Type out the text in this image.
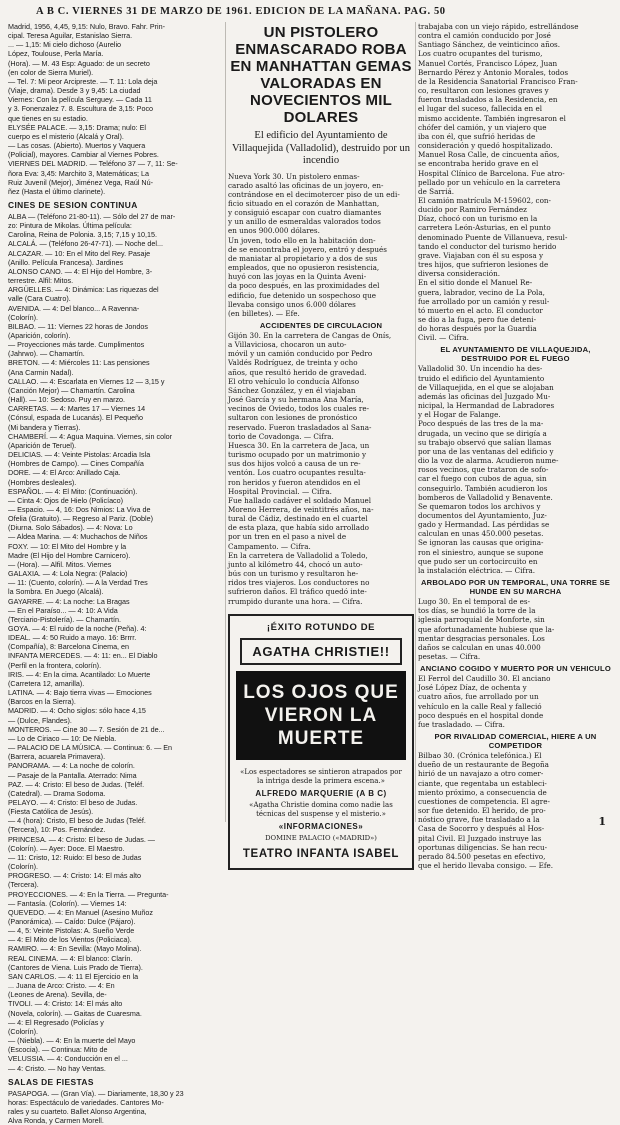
A B C. VIERNES 31 DE MARZO DE 1961. EDICION DE LA MAÑANA. PAG. 50
Madrid, 1956, 4,45, 9,15: Nulo, Bravo. Fahr. Prin-
cipal. Teresa Aguilar, Estanislao Sierra.
... — 1,15: Mi cielo dichoso (Aurelio
López, Toulouse, Perla María.
(Hora). — M. 43 Esp: Aguado: de un secreto
(en color de Sierra Muriel).
— Tel. 7: Mi peor Arcipreste. — T. 11: Lola deja
(Viaje, drama). Desde 3 y 9,45: La ciudad
Viernes: Con la película Serguey. — Cada 11
y 3. Fonenzalez 7. 8. Escultura de 3,15: Poco
que tienes en su estadio.
ELYSÉE PALACE. — 3,15: Drama; nulo: El
cuerpo es el misterio (Alcalá y Oral).
— Las cosas. (Abierto). Muertos y Vaquera
(Policial), mayores. Cambiar al Viernes Pobres.
VIERNES DEL MADRID. — Teléfono 37 — 7, 11: Se-
ñora Eva: 3,45: Marchito 3, Matemáticas; La
Ruiz Juvenil (Mejor), Jiménez Vega, Raúl Nú-
ñez (Hasta el último clarinete).
CINES DE SESION CONTINUA
ALBA — (Teléfono 21-80-11). — Sólo del 27 de mar-
zo: Pintura de Mikolas. Última película:
Carolina, Reina de Polonia. 3,15; 7,15 y 10,15.
ALCALÁ. — (Teléfono 26-47-71). — Noche del...
ALCAZAR. — 10: En el Mito del Rey. Pasaje
(Anillo. Película Francesa). Jardines
ALONSO CANO. — 4: El Hijo del Hombre, 3-
terrestre. Alfil: Mitos.
ARGÜELLES. — 4: Dinámica: Las riquezas del
valle (Cara Cuatro).
AVENIDA. — 4: Del blanco... A Ravenna-
(Colorín).
BILBAO. — 11: Viernes 22 horas de Jondos
(Aparición, colorín).
— Proyecciones más tarde. Cumplimentos
(Jahrwo). — Chamartín.
BRETON. — 4: Miércoles 11: Las pensiones
(Ana Carmin Nadal).
CALLAO. — 4: Escarlata en Viernes 12 — 3,15 y
(Canción Mejor) — Chamartín. Carolina
(Hall). — 10: Sedoso. Puy en marzo.
CARRETAS. — 4: Martes 17 — Viernes 14
(Cónsul, espada de Lucanás). El Pequeño
(Mi bandera y Tierras).
CHAMBERÍ. — 4: Agua Maquina. Viernes, sin color
(Aparición de Teruel).
DELICIAS. — 4: Veinte Pistolas: Arcadia Isla
(Hombres de Campo). — Cines Compañía
DORE. — 4: El Arco: Anillado Caja.
(Hombres desleales).
ESPAÑOL. — 4: El Mito: (Continuación).
— Cinta 4: Ojos de Hielo (Policíaco)
— Espacio. — 4, 16: Dos Nimios: La Viva de
Ofelia (Gratuito). — Regreso al Pariz. (Doble)
(Diurna. Solo Sábados). — 4: Nova: Lo
— Aldea Marina. — 4: Muchachos de Niños
FOXY. — 10: El Mito del Hombre y la
Madre (El Hijo del Hombre Carnicero).
— (Hora). — Alfil. Mitos. Viernes
GALAXIA. — 4: Lola Negra: (Palacio)
— 11: (Cuento, colorín). — A la Verdad Tres
la Sombra. En Juego (Alcalá).
GAYARRE. — 4: La noche: La Bragas
— En el Paraíso... — 4: 10: A Vida
(Terciario-Pistolería). — Chamartín.
GOYA. — 4: El ruido de la noche (Peña). 4:
IDEAL. — 4: 50 Ruido a mayo. 16: Brrrr.
(Compañía), 8: Barcelona Cinema, en
INFANTA MERCEDES. — 4: 11: en... El Diablo
(Perfil en la frontera, colorín).
IRIS. — 4: En la cima. Acantilado: Lo Muerte
(Carretera 12, amarilla).
LATINA. — 4: Bajo tierra vivas — Emociones
(Barcos en la Sierra).
MADRID. — 4: Ocho siglos: sólo hace 4,15
— (Dulce, Flandes).
MONTEROS. — Cine 30 — 7. Sesión de 21 de...
— Lo de Ciriaco — 10: De Niebla.
— PALACIO DE LA MÚSICA. — Continua: 6. — En
(Barrera, acuarela Primavera).
PANORAMA. — 4: La noche de colorín.
— Pasaje de la Pantalla. Aterrado: Nima
PAZ. — 4: Cristo: El beso de Judas. (Teléf.
(Catedral). — Drama Sodoma.
PELAYO. — 4: Cristo: El beso de Judas.
(Fiesta Católica de Jesús).
— 4 (hora): Cristo, El beso de Judas (Teléf.
(Tercera), 10: Pos. Fernández.
PRINCESA. — 4: Cristo: El beso de Judas. —
(Colorín). — Ayer: Doce. El Maestro.
— 11: Cristo, 12: Ruido: El beso de Judas
(Colorín).
PROGRESO. — 4: Cristo: 14: El más alto
(Tercera).
PROYECCIONES. — 4: En la Tierra. — Pregunta-
— Fantasía. (Colorín). — Viernes 14:
QUEVEDO. — 4: En Manuel (Asesino Muñoz
(Panorámica). — Caído: Dulce (Pájaro).
— 4, 5: Veinte Pistolas: A. Sueño Verde
— 4: El Mito de los Vientos (Policiaca).
RAMIRO. — 4: En Sevilla: (Mayo Molina).
REAL CINEMA. — 4: El blanco: Clarín.
(Cantores de Viena. Luis Prado de Tierra).
SAN CARLOS. — 4: 11 El Ejercicio en la
... Juana de Arco: Cristo. — 4: En
(Leones de Arena). Sevilla, de-
TIVOLI. — 4: Cristo: 14: El más alto
(Novela, colorín). — Gaitas de Cuaresma.
— 4: El Regresado (Policías y
(Colorín).
— (Niebla). — 4: En la muerte del Mayo
(Escocia). — Continua: Mito de
VELUSSIA. — 4: Conducción en el ...
— 4: Cristo. — No hay Ventas.
SALAS DE FIESTAS
PASAPOGA. — (Gran Vía). — Diariamente, 18,30 y 23
horas: Espectáculo de variedades. Cantores Mo-
rales y su cuarteto. Ballet Alonso Argentina,
Alva Ronda, y Carmen Morell.
UN PISTOLERO ENMASCARADO ROBA EN MANHATTAN GEMAS VALORADAS EN NOVECIENTOS MIL DOLARES
El edificio del Ayuntamiento de Villaquejida (Valladolid), destruido por un incendio
Nueva York 30. Un pistolero enmas-
carado asaltó las oficinas de un joyero, en-
contrándose en el decimotercer piso de un edi-
ficio situado en el corazón de Manhattan,
y consiguió escapar con cuatro diamantes
y un anillo de esmeraldas valorados todos
en unos 900.000 dólares.
Un joven, todo ello en la habitación don-
de se encontraba el joyero, entró y después
de maniatar al propietario y a dos de sus
empleados, que no opusieron resistencia,
huyó con las joyas en la Quinta Aveni-
da poco después, en las proximidades del
edificio, fue detenido un sospechoso que
llevaba consigo unos 6.000 dólares
(en billetes). — Efe.
ACCIDENTES DE CIRCULACION
Gijón 30. En la carretera de Cangas de Onís,
a Villaviciosa, chocaron un auto-
móvil y un camión conducido por Pedro
Valdés Rodríguez, de treinta y ocho
años, que resultó herido de gravedad.
El otro vehículo lo conducía Alfonso
Sánchez González, y en él viajaban
José García y su hermana Ana María,
vecinos de Oviedo, todos los cuales re-
sultaron con lesiones de pronóstico
reservado. Fueron trasladados al Sana-
torio de Covadonga. — Cifra.
Huesca 30. En la carretera de Jaca, un
turismo ocupado por un matrimonio y
sus dos hijos volcó a causa de un re-
ventón. Los cuatro ocupantes resulta-
ron heridos y fueron atendidos en el
Hospital Provincial. — Cifra.
Fue hallado cadáver el soldado Manuel
Moreno Herrera, de veintitrés años, na-
tural de Cádiz, destinado en el cuartel
de esta plaza, que había sido arrollado
por un tren en el paso a nivel de
Campamento. — Cifra.
En la carretera de Valladolid a Toledo,
junto al kilómetro 44, chocó un auto-
bús con un turismo y resultaron he-
ridos tres viajeros. Los conductores no
sufrieron daños. El tráfico quedó inte-
rrumpido durante una hora. — Cifra.
¡ÉXITO ROTUNDO DE
AGATHA CHRISTIE!!
LOS OJOS QUE
VIERON LA MUERTE
«Los espectadores se sintieron atrapados por la intriga desde la primera escena.»
ALFREDO MARQUERIE (A B C)
«Agatha Christie domina como nadie las técnicas del suspense y el misterio.»
«INFORMACIONES»
DOMINE PALACIO («MADRID»)
TEATRO INFANTA ISABEL
trabajaba con un viejo rápido, estrellándose
contra el camión conducido por José
Santiago Sánchez, de veinticinco años.
Los cuatro ocupantes del turismo,
Manuel Cortés, Francisco López, Juan
Bernardo Pérez y Antonio Morales, todos
de la Residencia Sanatorial Francisco Fran-
co, resultaron con lesiones graves y
fueron trasladados a la Residencia, en
el lugar del suceso, fallecida en el
mismo accidente. También ingresaron el
chófer del camión, y un viajero que
iba con él, que sufrió heridas de
consideración y quedó hospitalizado.
Manuel Rosa Calle, de cincuenta años,
se encontraba herido grave en el
Hospital Clínico de Barcelona. Fue atro-
pellado por un vehículo en la carretera
de Sarriá.
El camión matrícula M-159602, con-
ducido por Ramiro Fernández
Díaz, chocó con un turismo en la
carretera León-Asturias, en el punto
denominado Puente de Villanueva, resul-
tando el conductor del turismo herido
grave. Viajaban con él su esposa y
tres hijos, que sufrieron lesiones de
diversa consideración.
En el sitio donde el Manuel Re-
guera, labrador, vecino de La Pola,
fue arrollado por un camión y resul-
tó muerto en el acto. El conductor
se dio a la fuga, pero fue deteni-
do horas después por la Guardia
Civil. — Cifra.
EL AYUNTAMIENTO DE VILLAQUEJIDA, DESTRUIDO POR EL FUEGO
Valladolid 30. Un incendio ha des-
truido el edificio del Ayuntamiento
de Villaquejida, en el que se alojaban
además las oficinas del Juzgado Mu-
nicipal, la Hermandad de Labradores
y el Hogar de Falange.
Poco después de las tres de la ma-
drugada, un vecino que se dirigía a
su trabajo observó que salían llamas
por una de las ventanas del edificio y
dio la voz de alarma. Acudieron nume-
rosos vecinos, que trataron de sofo-
car el fuego con cubos de agua, sin
conseguirlo. También acudieron los
bomberos de Valladolid y Benavente.
Se quemaron todos los archivos y
documentos del Ayuntamiento, Juz-
gado y Hermandad. Las pérdidas se
calculan en unas 450.000 pesetas.
Se ignoran las causas que origina-
ron el siniestro, aunque se supone
que pudo ser un cortocircuito en
la instalación eléctrica. — Cifra.
ARBOLADO POR UN TEMPORAL, UNA TORRE SE HUNDE EN SU MARCHA
Lugo 30. En el temporal de es-
tos días, se hundió la torre de la
iglesia parroquial de Monforte, sin
que afortunadamente hubiese que la-
mentar desgracias personales. Los
daños se calculan en unas 40.000
pesetas. — Cifra.
ANCIANO COGIDO Y MUERTO POR UN VEHICULO
El Ferrol del Caudillo 30. El anciano
José López Díaz, de ochenta y
cuatro años, fue arrollado por un
vehículo en la calle Real y falleció
poco después en el hospital donde
fue trasladado. — Cifra.
POR RIVALIDAD COMERCIAL, HIERE A UN COMPETIDOR
Bilbao 30. (Crónica telefónica.) El
dueño de un restaurante de Begoña
hirió de un navajazo a otro comer-
ciante, que regentaba un estableci-
miento próximo, a consecuencia de
cuestiones de competencia. El agre-
sor fue detenido. El herido, de pro-
nóstico grave, fue trasladado a la
Casa de Socorro y después al Hos-
pital Civil. El Juzgado instruye las
oportunas diligencias. Se han recu-
perado 84.500 pesetas en efectivo,
que el herido llevaba consigo. — Efe.
1
